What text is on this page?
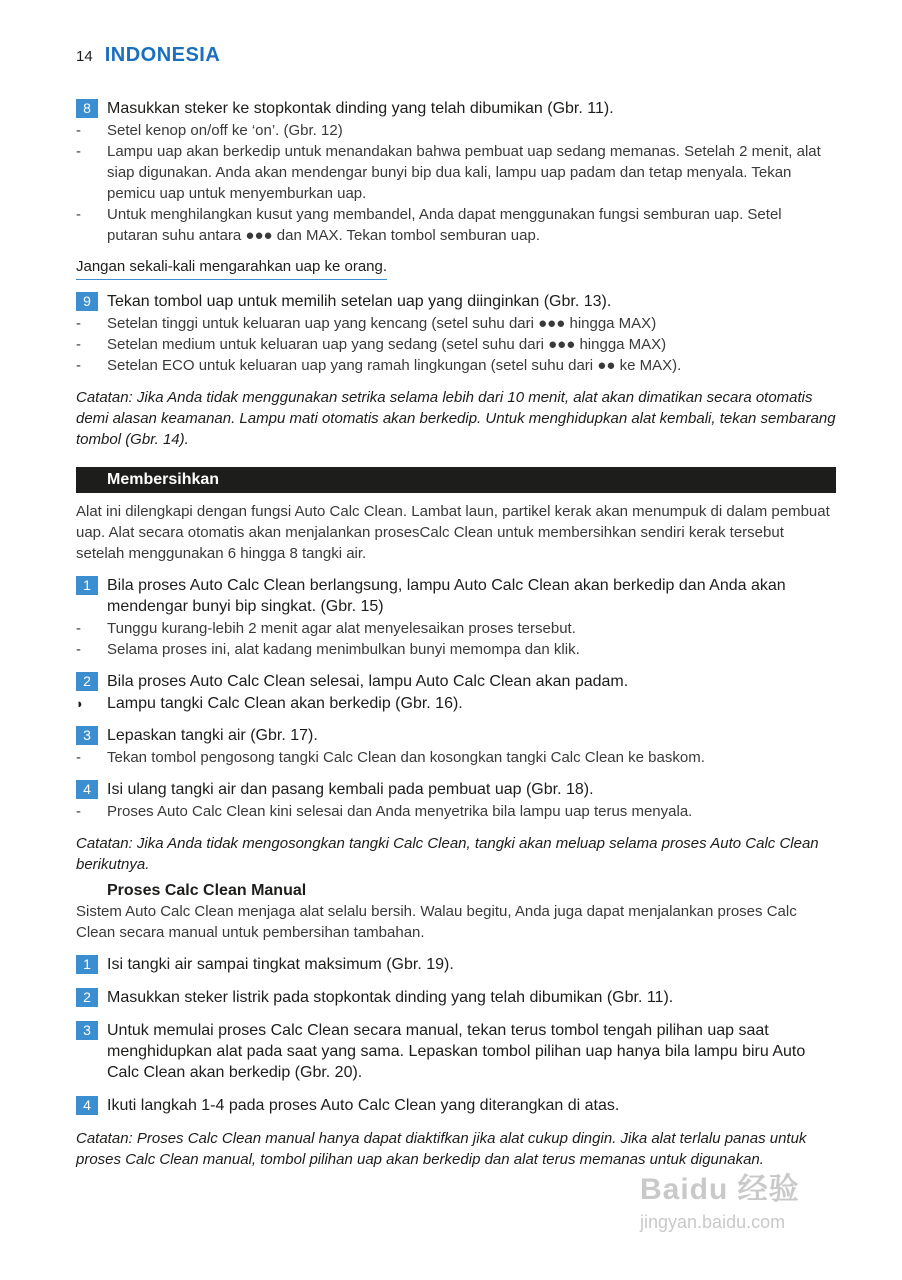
14 INDONESIA
8	Masukkan steker ke stopkontak dinding yang telah dibumikan (Gbr. 11).
-	Setel kenop on/off ke ‘on’. (Gbr. 12)
-	Lampu uap akan berkedip untuk menandakan bahwa pembuat uap sedang memanas. Setelah 2 menit, alat siap digunakan. Anda akan mendengar bunyi bip dua kali, lampu uap padam dan tetap menyala. Tekan pemicu uap untuk menyemburkan uap.
-	Untuk menghilangkan kusut yang membandel, Anda dapat menggunakan fungsi semburan uap. Setel putaran suhu antara ●●● dan MAX. Tekan tombol semburan uap.
Jangan sekali-kali mengarahkan uap ke orang.
9	Tekan tombol uap untuk memilih setelan uap yang diinginkan (Gbr. 13).
-	Setelan tinggi untuk keluaran uap yang kencang (setel suhu dari ●●● hingga MAX)
-	Setelan medium untuk keluaran uap yang sedang (setel suhu dari ●●● hingga MAX)
-	Setelan ECO untuk keluaran uap yang ramah lingkungan (setel suhu dari ●● ke MAX).
Catatan: Jika Anda tidak menggunakan setrika selama lebih dari 10 menit, alat akan dimatikan secara otomatis demi alasan keamanan. Lampu mati otomatis akan berkedip. Untuk menghidupkan alat kembali, tekan sembarang tombol (Gbr. 14).
Membersihkan
Alat ini dilengkapi dengan fungsi Auto Calc Clean. Lambat laun, partikel kerak akan menumpuk di dalam pembuat uap. Alat secara otomatis akan menjalankan prosesCalc Clean untuk membersihkan sendiri kerak tersebut setelah menggunakan 6 hingga 8 tangki air.
1	Bila proses Auto Calc Clean berlangsung, lampu Auto Calc Clean akan berkedip dan Anda akan mendengar bunyi bip singkat. (Gbr. 15)
-	Tunggu kurang-lebih 2 menit agar alat menyelesaikan proses tersebut.
-	Selama proses ini, alat kadang menimbulkan bunyi memompa dan klik.
2	Bila proses Auto Calc Clean selesai, lampu Auto Calc Clean akan padam.
◗	Lampu tangki Calc Clean akan berkedip (Gbr. 16).
3	Lepaskan tangki air (Gbr. 17).
-	Tekan tombol pengosong tangki Calc Clean dan kosongkan tangki Calc Clean ke baskom.
4	Isi ulang tangki air dan pasang kembali pada pembuat uap (Gbr. 18).
-	Proses Auto Calc Clean kini selesai dan Anda menyetrika bila lampu uap terus menyala.
Catatan: Jika Anda tidak mengosongkan tangki Calc Clean, tangki akan meluap selama proses Auto Calc Clean berikutnya.
Proses Calc Clean Manual
Sistem Auto Calc Clean menjaga alat selalu bersih. Walau begitu, Anda juga dapat menjalankan proses Calc Clean secara manual untuk pembersihan tambahan.
1	Isi tangki air sampai tingkat maksimum (Gbr. 19).
2	Masukkan steker listrik pada stopkontak dinding yang telah dibumikan (Gbr. 11).
3	Untuk memulai proses Calc Clean secara manual, tekan terus tombol tengah pilihan uap saat menghidupkan alat pada saat yang sama. Lepaskan tombol pilihan uap hanya bila lampu biru Auto Calc Clean akan berkedip (Gbr. 20).
4	Ikuti langkah 1-4 pada proses Auto Calc Clean yang diterangkan di atas.
Catatan: Proses Calc Clean manual hanya dapat diaktifkan jika alat cukup dingin. Jika alat terlalu panas untuk proses Calc Clean manual, tombol pilihan uap akan berkedip dan alat terus memanas untuk digunakan.
Baidu 经验
jingyan.baidu.com
